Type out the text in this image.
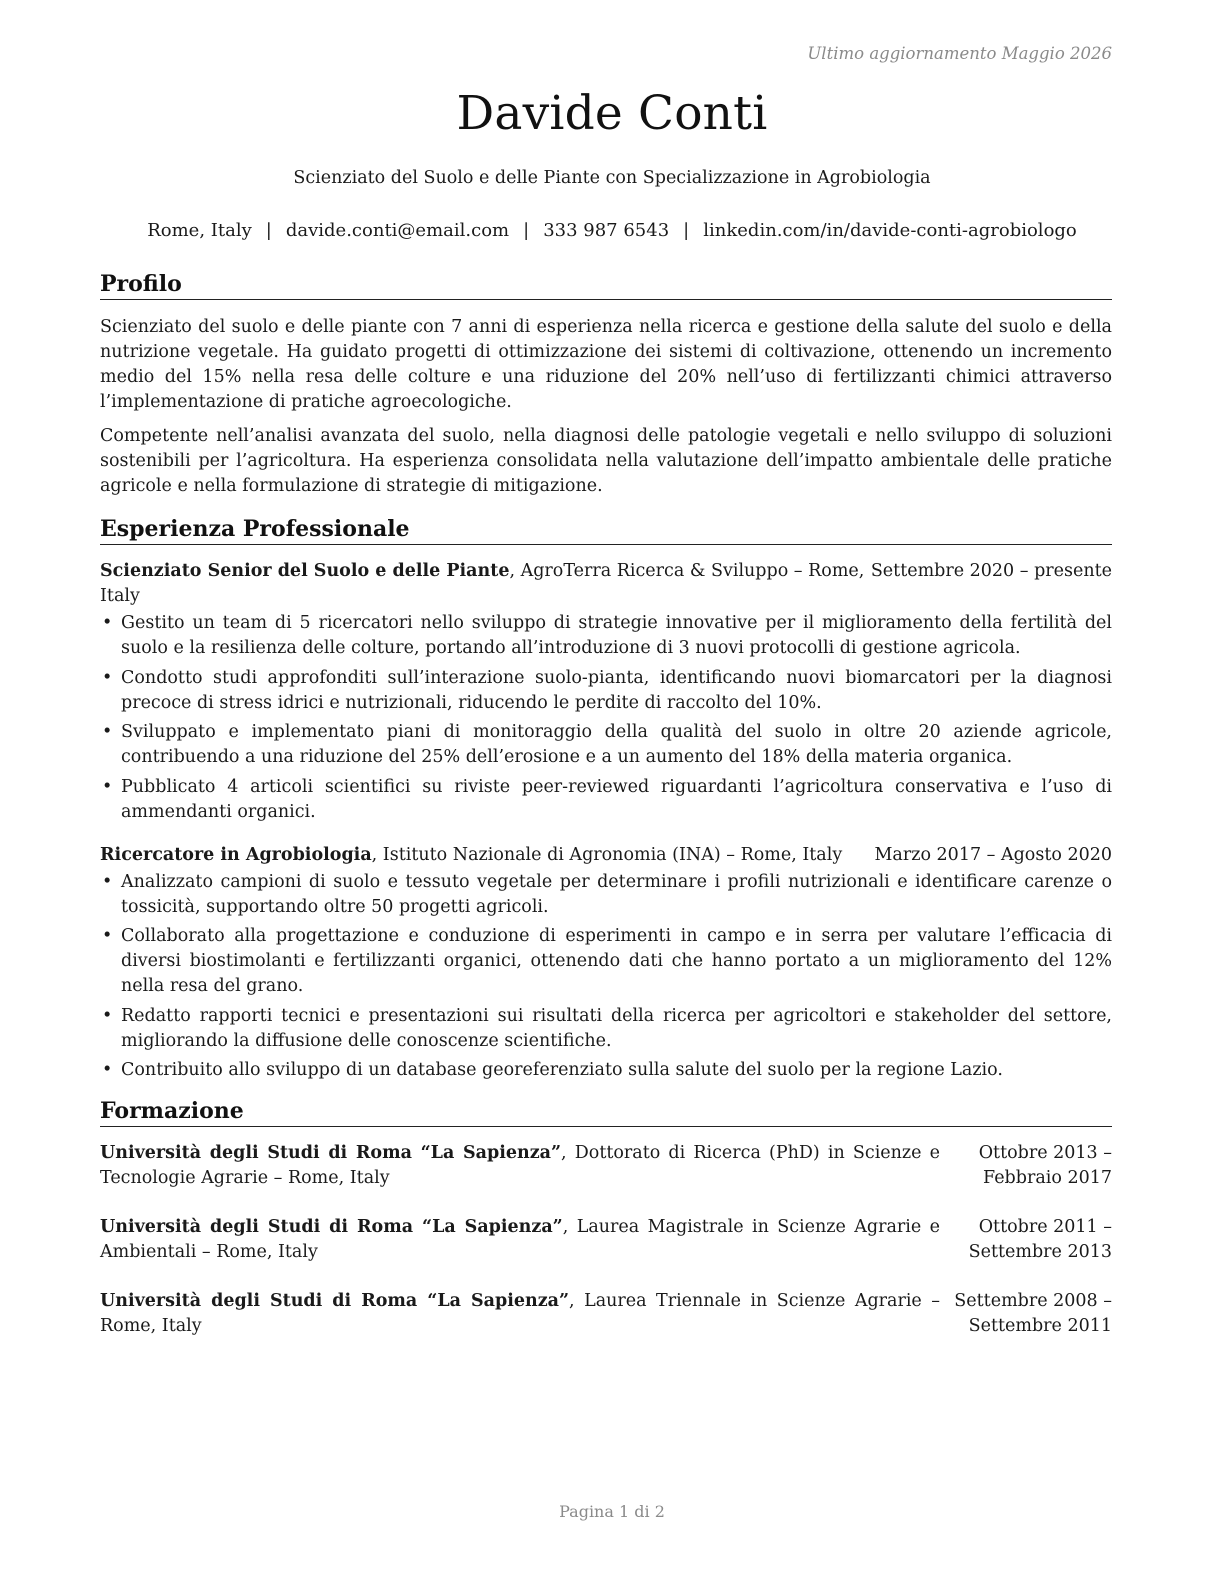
Ultimo aggiornamento Maggio 2026
Davide Conti
Scienziato del Suolo e delle Piante con Specializzazione in Agrobiologia
Rome, Italy | davide.conti@email.com | 333 987 6543 | linkedin.com/in/davide-conti-agrobiologo
Profilo

Scienziato del suolo e delle piante con 7 anni di esperienza nella ricerca e gestione della salute del suolo e della nutrizione vegetale. Ha guidato progetti di ottimizzazione dei sistemi di coltivazione, ottenendo un incremento medio del 15% nella resa delle colture e una riduzione del 20% nell’uso di fertilizzanti chimici attraverso l’implementazione di pratiche agroecologiche.

Competente nell’analisi avanzata del suolo, nella diagnosi delle patologie vegetali e nello sviluppo di soluzioni sostenibili per l’agricoltura. Ha esperienza consolidata nella valutazione dell’impatto ambientale delle pratiche agricole e nella formulazione di strategie di mitigazione.

Esperienza Professionale
Scienziato Senior del Suolo e delle Piante, AgroTerra Ricerca & Sviluppo – Rome, Italy
Settembre 2020 – presente
• Gestito un team di 5 ricercatori nello sviluppo di strategie innovative per il miglioramento della fertilità del suolo e la resilienza delle colture, portando all’introduzione di 3 nuovi protocolli di gestione agricola.
• Condotto studi approfonditi sull’interazione suolo-pianta, identificando nuovi biomarcatori per la diagnosi precoce di stress idrici e nutrizionali, riducendo le perdite di raccolto del 10%.
• Sviluppato e implementato piani di monitoraggio della qualità del suolo in oltre 20 aziende agricole, contribuendo a una riduzione del 25% dell’erosione e a un aumento del 18% della materia organica.
• Pubblicato 4 articoli scientifici su riviste peer-reviewed riguardanti l’agricoltura conservativa e l’uso di ammendanti organici.
Ricercatore in Agrobiologia, Istituto Nazionale di Agronomia (INA) – Rome, Italy	Marzo 2017 – Agosto 2020
• Analizzato campioni di suolo e tessuto vegetale per determinare i profili nutrizionali e identificare carenze o tossicità, supportando oltre 50 progetti agricoli.
• Collaborato alla progettazione e conduzione di esperimenti in campo e in serra per valutare l’efficacia di diversi biostimolanti e fertilizzanti organici, ottenendo dati che hanno portato a un miglioramento del 12% nella resa del grano.
• Redatto rapporti tecnici e presentazioni sui risultati della ricerca per agricoltori e stakeholder del settore, migliorando la diffusione delle conoscenze scientifiche.
• Contribuito allo sviluppo di un database georeferenziato sulla salute del suolo per la regione Lazio.
Formazione
Università degli Studi di Roma “La Sapienza”, Dottorato di Ricerca (PhD) in Scienze e Tecnologie Agrarie – Rome, Italy
Ottobre 2013 – Febbraio 2017
Università degli Studi di Roma “La Sapienza”, Laurea Magistrale in Scienze Agrarie e Ambientali – Rome, Italy
Ottobre 2011 – Settembre 2013
Università degli Studi di Roma “La Sapienza”, Laurea Triennale in Scienze Agrarie – Rome, Italy
Settembre 2008 – Settembre 2011
Pagina 1 di 2
